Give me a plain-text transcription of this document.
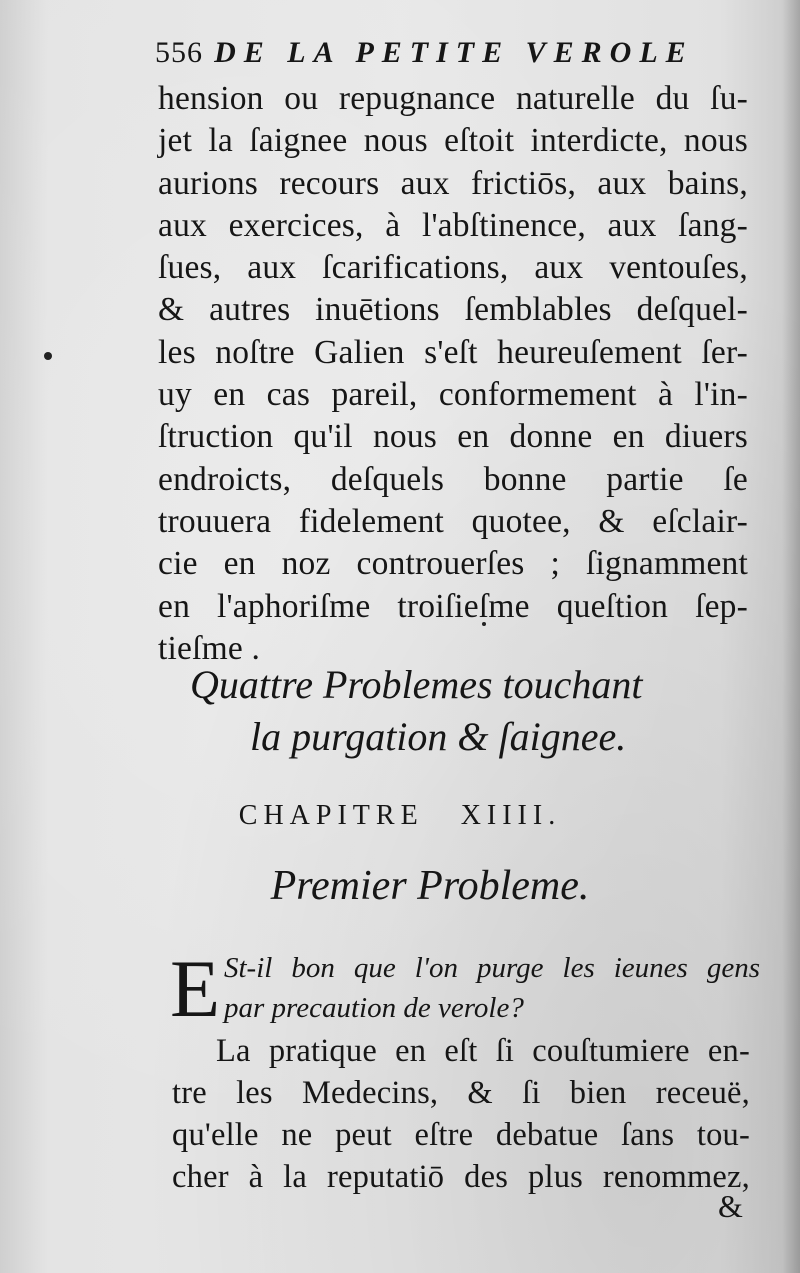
556 DE LA PETITE VEROLE
hension ou repugnance naturelle du ſu-
jet la ſaignee nous eſtoit interdicte, nous
aurions recours aux frictiōs, aux bains,
aux exercices, à l'abſtinence, aux ſang-
ſues, aux ſcarifications, aux ventouſes,
& autres inuētions ſemblables deſquel-
les noſtre Galien s'eſt heureuſement ſer-
uy en cas pareil, conformement à l'in-
ſtruction qu'il nous en donne en diuers
endroicts, deſquels bonne partie ſe
trouuera fidelement quotee, & eſclair-
cie en noz controuerſes ; ſignamment
en l'aphoriſme troiſieſme queſtion ſep-
tieſme .
Quattre Problemes touchant
la purgation & ſaignee.
CHAPITRE XIIII.
Premier Probleme.
E St-il bon que l'on purge les ieunes gens
par precaution de verole?
La pratique en eſt ſi couſtumiere en-
tre les Medecins, & ſi bien receuë,
qu'elle ne peut eſtre debatue ſans tou-
cher à la reputatiō des plus renommez,
&
